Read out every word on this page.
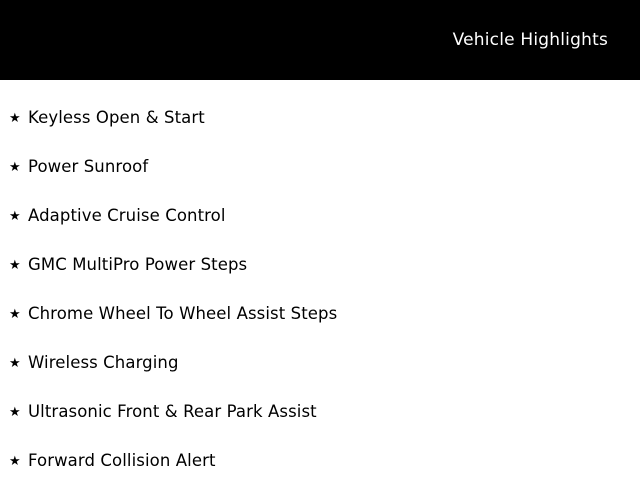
Vehicle Highlights
★ Keyless Open & Start
★ Power Sunroof
★ Adaptive Cruise Control
★ GMC MultiPro Power Steps
★ Chrome Wheel To Wheel Assist Steps
★ Wireless Charging
★ Ultrasonic Front & Rear Park Assist
★ Forward Collision Alert
